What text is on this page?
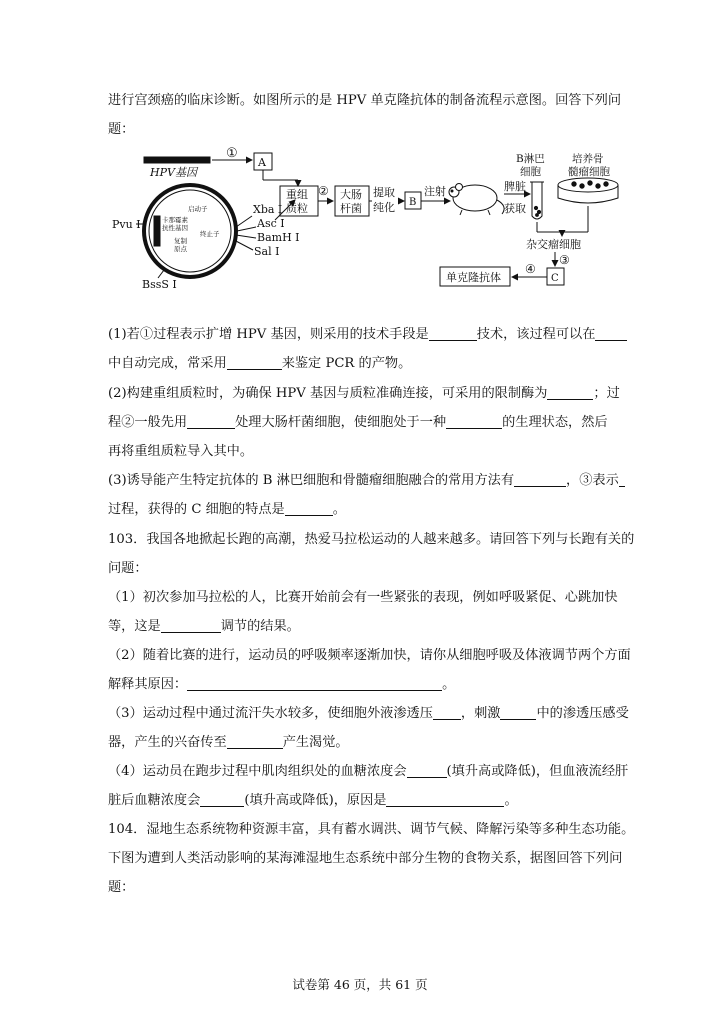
进行宫颈癌的临床诊断。如图所示的是 HPV 单克隆抗体的制备流程示意图。回答下列问
题：
HPV基因
①
A
重组
质粒
② 大肠
杆菌
提取
纯化 B
注射	脾脏
获取
B淋巴
细胞
培养骨
髓瘤细胞
杂交瘤细胞
③
C
④
单克隆抗体
启动子
卡那霉素
抗性基因
复制
原点
终止子
Pvu I
Xba I
Asc I
BamH I
Sal I
BssS I
(1)若①过程表示扩增 HPV 基因，则采用的技术手段是	技术，该过程可以在
中自动完成，常采用	来鉴定 PCR 的产物。
(2)构建重组质粒时，为确保 HPV 基因与质粒准确连接，可采用的限制酶为	；过
程②一般先用	处理大肠杆菌细胞，使细胞处于一种	的生理状态，然后
再将重组质粒导入其中。
(3)诱导能产生特定抗体的 B 淋巴细胞和骨髓瘤细胞融合的常用方法有	，③表示
过程，获得的 C 细胞的特点是	。
103．我国各地掀起长跑的高潮，热爱马拉松运动的人越来越多。请回答下列与长跑有关的
问题：
（1）初次参加马拉松的人，比赛开始前会有一些紧张的表现，例如呼吸紧促、心跳加快
等，这是	调节的结果。
（2）随着比赛的进行，运动员的呼吸频率逐渐加快，请你从细胞呼吸及体液调节两个方面
解释其原因：	。
（3）运动过程中通过流汗失水较多，使细胞外液渗透压 ，刺激	中的渗透压感受
器，产生的兴奋传至	产生渴觉。
（4）运动员在跑步过程中肌肉组织处的血糖浓度会	(填升高或降低)，但血液流经肝
脏后血糖浓度会	(填升高或降低)，原因是	。
104．湿地生态系统物种资源丰富，具有蓄水调洪、调节气候、降解污染等多种生态功能。
下图为遭到人类活动影响的某海滩湿地生态系统中部分生物的食物关系，据图回答下列问
题：
试卷第 46 页，共 61 页
